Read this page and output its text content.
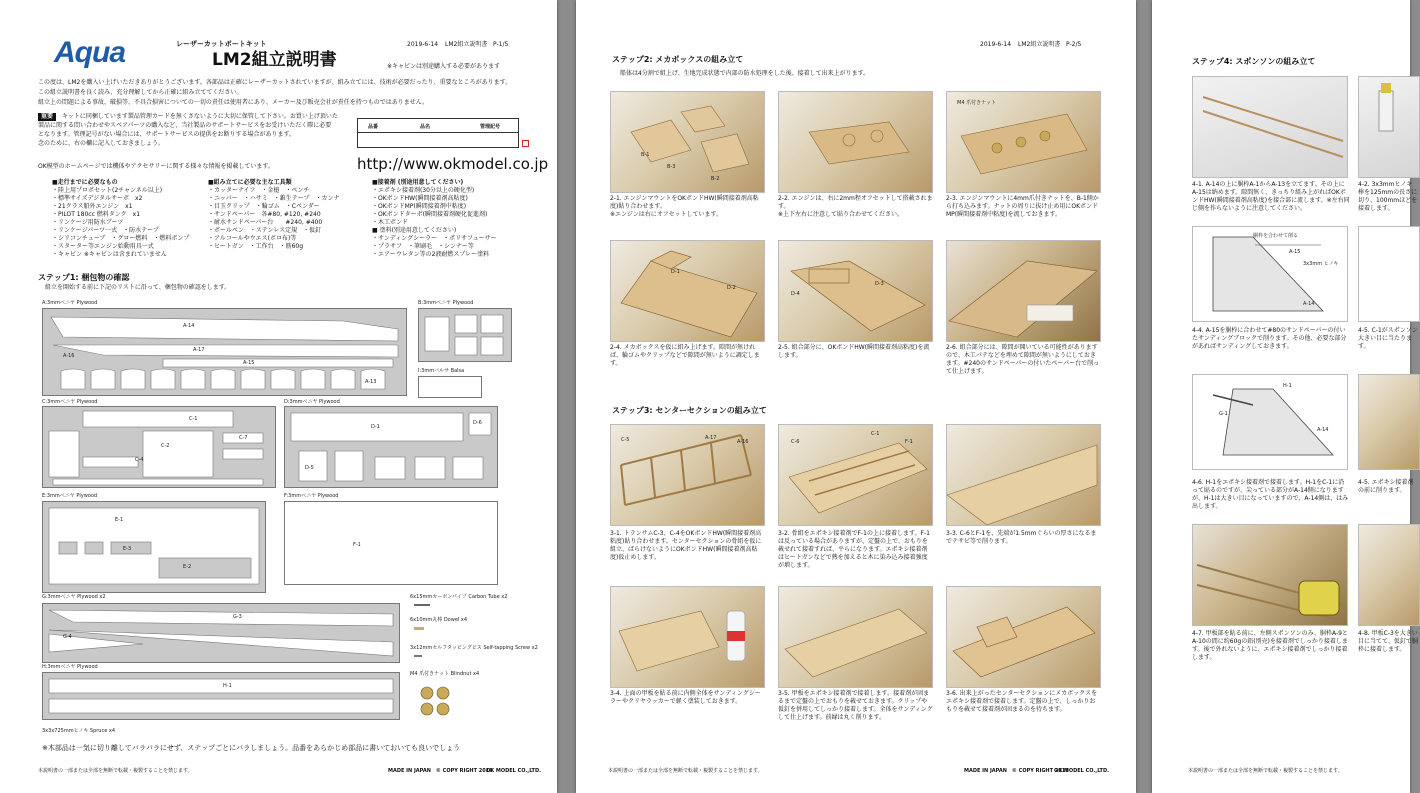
Aqua	レーザーカットボートキット
LM2組立説明書
2019-6-14 LM2組立説明書 P-1/5
※キャビンは別途購入する必要があります
この度は、LM2を購入い上げいただきありがとうございます。各部品は正確にレーザーカットされていますが、組み立てには、技術が必要だったり、重要なところがあります。
この組立説明書を良く読み、充分理解してから正確に組み立ててください。
組立上の問題による事故、破損等、不具合損害についての一切の責任は使用者にあり、メーカー及び販売会社が責任を持つものではありません。
重要	キットに同梱しています製品管理カードを無くさないように大切に保管して下さい。お買い上げ頂いた
製品に関する問い合わせやスペアパーツの購入など、当社製品のサポートサービスをお受けいただく際に必要
となります。管理記号がない場合には、サポートサービスの提供をお断りする場合があります。
念のために、右の欄に記入しておきましょう。
品番	品名	管理記号
OK模型のホームページでは機体やアクセサリーに関する様々な情報を掲載しています。	http://www.okmodel.co.jp
■走行までに必要なもの
・陸上用プロポセット(2チャンネル以上)
・標準サイズデジタルサーボ　x2
・21クラス船外エンジン　x1
・PILOT 180cc 燃料タンク　x1
・リンケージ用防水ブーツ
・リンケージパーツ一式　・防水テープ
・シリコンチューブ　・グロー燃料　・燃料ポンプ
・スターター等エンジン始動用具一式
・キャビン ※キャビンは含まれていません
■組み立てに必要な主な工具類
・カッターナイフ　・金槌　・ペンチ
・ニッパー　・ハサミ　・錐生テープ　・カンナ
・目玉クリップ　・輪ゴム　・Cペンダー
・サンドペーパー　各#80, #120, #240
・耐水サンドペーパー台　　#240, #400
・ボールペン　・ステンレス定規　・仮釘
・アルコールやウエス(ボロ布)等
・ヒートガン　・工作台　・筋60g
■接着剤 (別途用意してください)
・エポキシ接着剤(30分以上の硬化型)
・OKボンドHW(瞬間接着剤高粘度)
・OKボンドMP(瞬間接着剤中粘度)
・OKボンドターボ(瞬間接着剤硬化促進剤)
・木工ボンド
■ 塗料(別途用意してください)
・サンディングシーラー　・ポリサフューサー
・プラサフ　・筆刷毛　・シンナー等
・エアーウレタン等の2液耐燃スプレー塗料
ステップ1: 梱包物の確認
組立を開始する前に下記のリストに沿って、梱包物の確認をします。
A:3mmベニヤ Plywood
A-14
A-17
A-15
A-16
A-13
B:3mmベニヤ Plywood
I:3mmバルサ Balsa
C:3mmベニヤ Plywood
C-1
C-2
C-4
C-7
D:3mmベニヤ Plywood
D-1
D-5
D-6
E:3mmベニヤ Plywood
E-1
E-2
E-3
F:3mmベニヤ Plywood
F-1
G:3mmベニヤ Plywood x2
G-3
G-4
H:3mmベニヤ Plywood
H-1
3x3x725mmヒノキ Spruce x4
6x15mmカーボンパイプ Carbon Tube x2
6x10mm丸棒 Dowel x4
3x12mmセルフタッピングビス Self-tapping Screw x2
M4 爪付きナット Blindnut x4
※木部品は一気に切り離してバラバラにせず、ステップごとにバラしましょう。品番をあらかじめ部品に書いておいても良いでしょう
本説明書の一部または全部を無断で転載・複製することを禁じます。	MADE IN JAPAN　© COPY RIGHT 2019
OK MODEL CO.,LTD.
2019-6-14 LM2組立説明書 P-2/5
ステップ2: メカボックスの組み立て
船体は4分割で組上げ、生地完成状態で内部の防水処理をした後、接着して出来上がります。
B-1
B-3
B-2
M4 爪付きナット
2-1. エンジンマウントをOKボンドHW(瞬間接着剤高粘度)貼り合わせます。
※エンジンは右にオフセットしています。
2-2. エンジンは、右に2mm程オフセットして搭載されます。
※上下左右に注意して貼り合わせてください。
2-3. エンジンマウントに4mm爪付きナットを、B-1側から打ち込みます。ナットの周りに抜け止め用にOKボンドMP(瞬間接着剤中粘度)を流しておきます。
D-1
D-2
D-4
D-3
2-4. メカボックスを仮に組み上げます。隙間が無ければ、輪ゴムやクリップなどで隙間が無いように調定します。
2-5. 組合部分に、OKボンドHW(瞬間接着剤高粘度)を流します。
2-6. 組合部分には、隙間が開いている可能性がありますので、木工パテなどを埋めて隙間が無いようにしておきます。#240のサンドペーパーの付いたペーパー台で削って仕上げます。
ステップ3: センターセクションの組み立て
C-5	A-17
A-16	C-6
C-1
F-1
3-1. トランサムC-3、C-4をOKボンドHW(瞬間接着剤高粘度)貼り合わせます。センターセクションの骨組を仮に組立、ばらけないようにOKボンドHW(瞬間接着剤高粘度)仮止めします。
3-2. 骨組をエポキシ接着剤でF-1の上に接着します。F-1は反っている場合がありますが、定盤の上で、おもりを載せれて接着すれば、平らになります。エポキシ接着剤はヒートガンなどで熱を加えると木に染み込み接着強度が増します。
3-3. C-6とF-1を、先端が1.5mmぐらいの厚さになるまでテサビ等で削ります。
3-4. 上面の甲板を貼る前に内側全体をサンディングシーラーやクリヤラッカーで軽く塗装しておきます。
3-5. 甲板をエポキシ接着剤で接着します。接着剤が固まるまで定盤の上でおもりを載せておきます。クリップや仮釘を併用してしっかり接着します。全体をサンディングして仕上げます。前縁は丸く削ります。
3-6. 出来上がったセンターセクションにメカボックスをエポキシ接着剤で接着します。定盤の上で、しっかりおもりを載せて接着剤が固まるのを待ちます。
本説明書の一部または全部を無断で転載・複製することを禁じます。	MADE IN JAPAN　© COPY RIGHT 2019
OK MODEL CO.,LTD.
ステップ4: スポンソンの組み立て
4-1. A-14の上に胴枠A-1からA-13を立てます。その上にA-15は納めます。隙間無く、きっちり組み上がればOKボンドHW(瞬間接着剤高粘度)を接合部に流します。※左右同じ側を作らないように注意してください。
4-2. 3x3mmヒノキ棒を125mmの長さに切り、100mmほどを接着します。
胴枠を合わせて削る
A-15
3x3mm ヒノキ
A-14
4-4. A-15を胴枠に合わせて#80のサンドペーパーの付いたサンディングブロックで削ります。その他、必要な部分があればサンディングしておきます。
4-5. C-1がスポンソン大きい目に当たります。
H-1
G-1
A-14
4-6. H-1をエポキシ接着剤で接着します。H-1をC-1に沿って貼るのですが、尖っている部分がA-14側になりますが、H-1は大きい目になっていますので、A-14側は、はみ出します。
4-5. エポキシ接着剤の前に削ります。
4-7. 甲板部を貼る前に、左側スポンソンのみ、胴枠A-9とA-10の間に約60gの鉛(別売)を接着剤でしっかり接着します。後で外れないように、エポキシ接着剤でしっかり接着します。
4-8. 甲板C-3を大きい目に当てて、仮釘で胴枠に接着します。
本説明書の一部または全部を無断で転載・複製することを禁じます。
